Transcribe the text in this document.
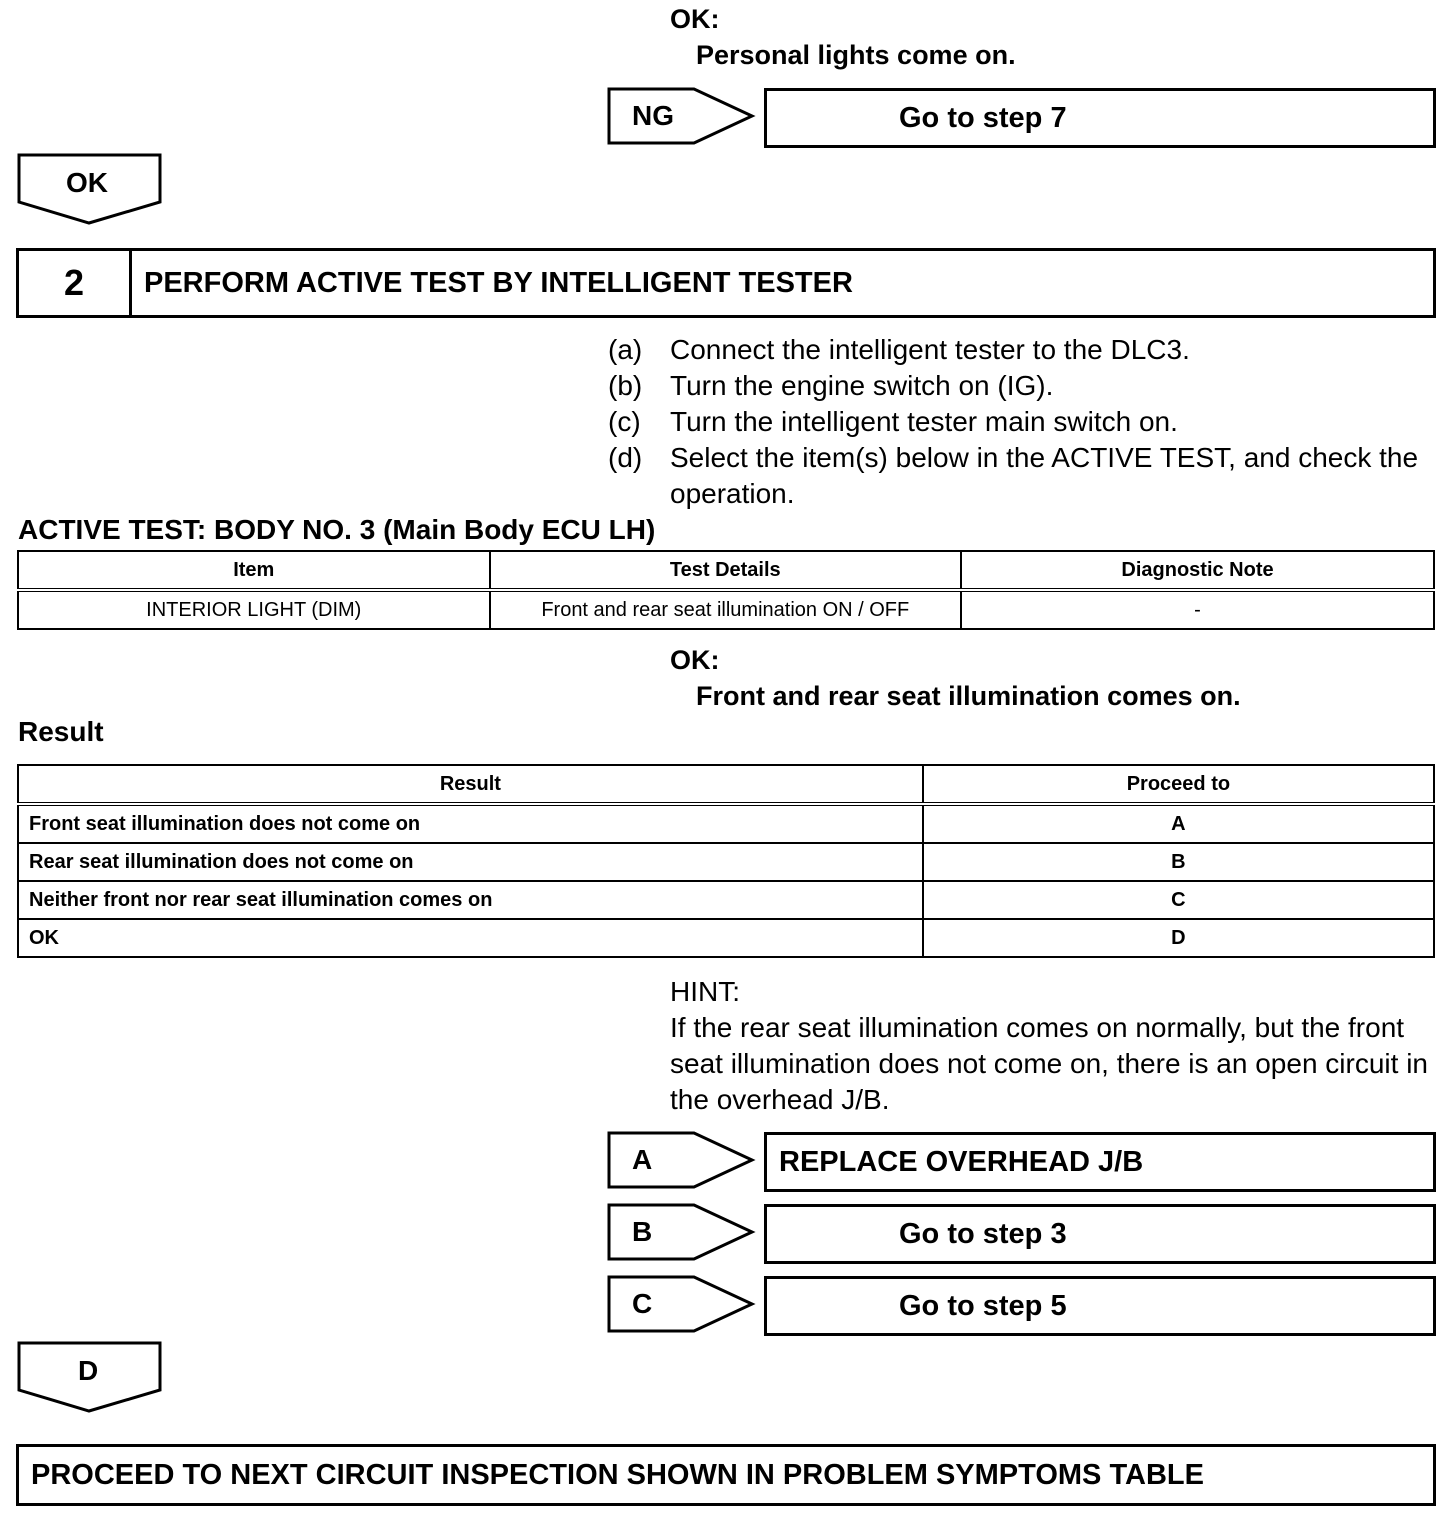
OK:
Personal lights come on.
NG	Go to step 7
OK
2	PERFORM ACTIVE TEST BY INTELLIGENT TESTER
(a) Connect the intelligent tester to the DLC3.
(b) Turn the engine switch on (IG).
(c) Turn the intelligent tester main switch on.
(d) Select the item(s) below in the ACTIVE TEST, and check the operation.
ACTIVE TEST: BODY NO. 3 (Main Body ECU LH)
Item	Test Details	Diagnostic Note
INTERIOR LIGHT (DIM)	Front and rear seat illumination ON / OFF	-
OK:
Front and rear seat illumination comes on.
Result
Result	Proceed to
Front seat illumination does not come on	A
Rear seat illumination does not come on	B
Neither front nor rear seat illumination comes on	C
OK	D
HINT:
If the rear seat illumination comes on normally, but the front seat illumination does not come on, there is an open circuit in the overhead J/B.
A	REPLACE OVERHEAD J/B
B	Go to step 3
C	Go to step 5
D
PROCEED TO NEXT CIRCUIT INSPECTION SHOWN IN PROBLEM SYMPTOMS TABLE
